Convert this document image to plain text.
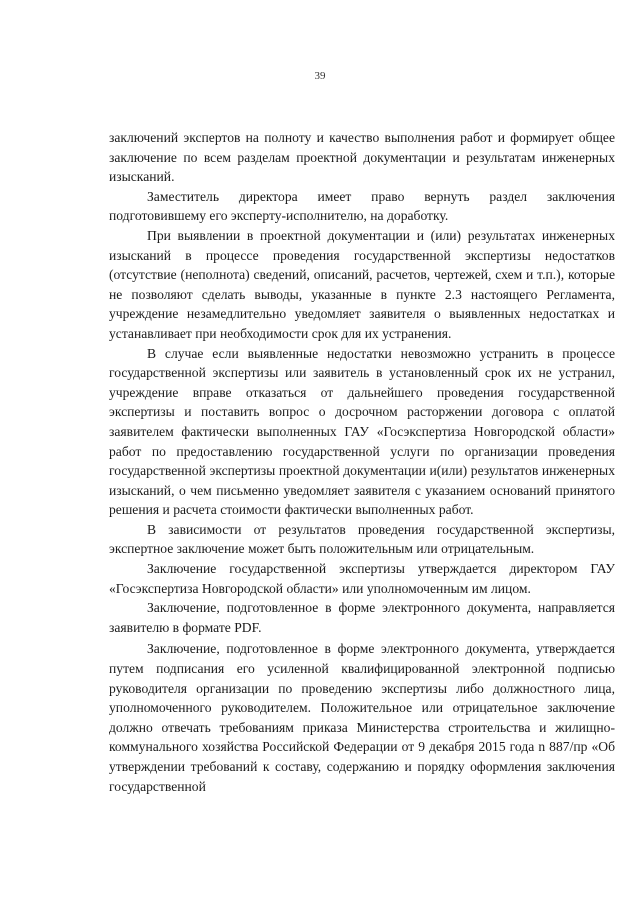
39

заключений экспертов на полноту и качество выполнения работ и формирует общее заключение по всем разделам проектной документации и результатам инженерных изысканий.

Заместитель директора имеет право вернуть раздел заключения подготовившему его эксперту-исполнителю, на доработку.

При выявлении в проектной документации и (или) результатах инженерных изысканий в процессе проведения государственной экспертизы недостатков (отсутствие (неполнота) сведений, описаний, расчетов, чертежей, схем и т.п.), которые не позволяют сделать выводы, указанные в пункте 2.3 настоящего Регламента, учреждение незамедлительно уведомляет заявителя о выявленных недостатках и устанавливает при необходимости срок для их устранения.

В случае если выявленные недостатки невозможно устранить в процессе государственной экспертизы или заявитель в установленный срок их не устранил, учреждение вправе отказаться от дальнейшего проведения государственной экспертизы и поставить вопрос о досрочном расторжении договора с оплатой заявителем фактически выполненных ГАУ «Госэкспертиза Новгородской области» работ по предоставлению государственной услуги по организации проведения государственной экспертизы проектной документации и(или) результатов инженерных изысканий, о чем письменно уведомляет заявителя с указанием оснований принятого решения и расчета стоимости фактически выполненных работ.

В зависимости от результатов проведения государственной экспертизы, экспертное заключение может быть положительным или отрицательным.

Заключение государственной экспертизы утверждается директором ГАУ «Госэкспертиза Новгородской области» или уполномоченным им лицом.

Заключение, подготовленное в форме электронного документа, направляется заявителю в формате PDF.

Заключение, подготовленное в форме электронного документа, утверждается путем подписания его усиленной квалифицированной электронной подписью руководителя организации по проведению экспертизы либо должностного лица, уполномоченного руководителем. Положительное или отрицательное заключение должно отвечать требованиям приказа Министерства строительства и жилищно-коммунального хозяйства Российской Федерации от 9 декабря 2015 года n 887/пр «Об утверждении требований к составу, содержанию и порядку оформления заключения государственной
